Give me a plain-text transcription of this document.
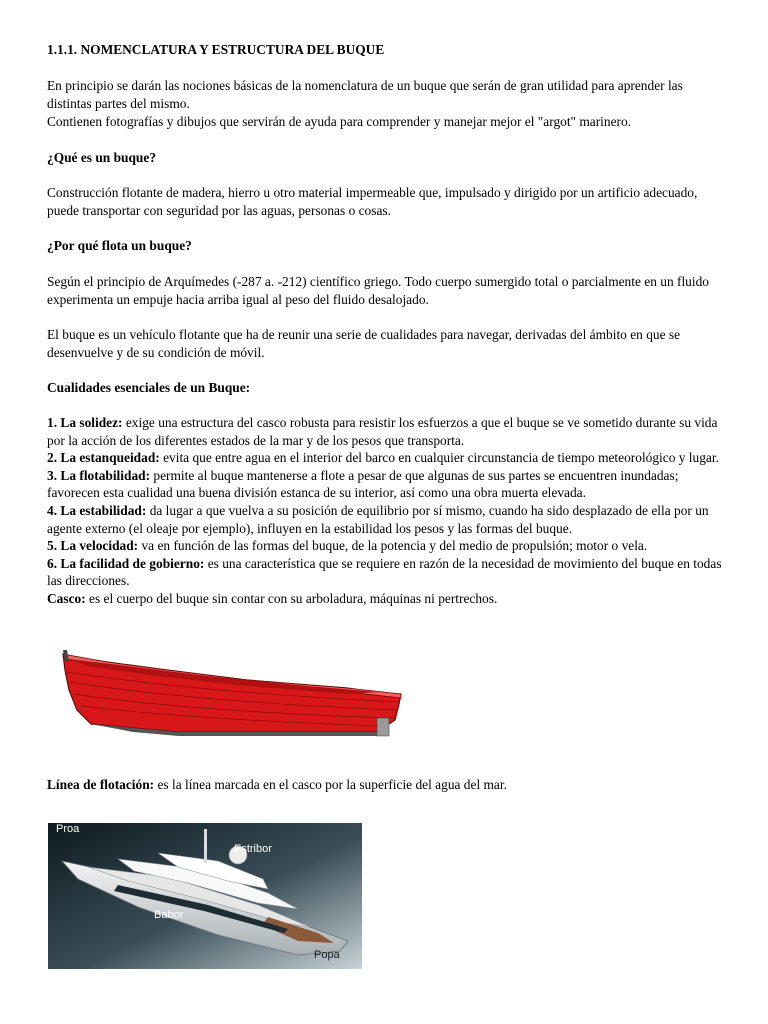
1.1.1. NOMENCLATURA Y ESTRUCTURA DEL BUQUE

En principio se darán las nociones básicas de la nomenclatura de un buque que serán de gran utilidad para aprender las distintas partes del mismo.

Contienen fotografías y dibujos que servirán de ayuda para comprender y manejar mejor el "argot" marinero.

¿Qué es un buque?

Construcción flotante de madera, hierro u otro material impermeable que, impulsado y dirigido por un artificio adecuado, puede transportar con seguridad por las aguas, personas o cosas.

¿Por qué flota un buque?

Según el principio de Arquímedes (-287 a. -212) científico griego. Todo cuerpo sumergido total o parcialmente en un fluido experimenta un empuje hacia arriba igual al peso del fluido desalojado.

El buque es un vehículo flotante que ha de reunir una serie de cualidades para navegar, derivadas del ámbito en que se desenvuelve y de su condición de móvil.

Cualidades esenciales de un Buque:

1. La solidez: exige una estructura del casco robusta para resistir los esfuerzos a que el buque se ve sometido durante su vida por la acción de los diferentes estados de la mar y de los pesos que transporta.

2. La estanqueidad: evita que entre agua en el interior del barco en cualquier circunstancia de tiempo meteorológico y lugar.

3. La flotabilidad: permite al buque mantenerse a flote a pesar de que algunas de sus partes se encuentren inundadas; favorecen esta cualidad una buena división estanca de su interior, así como una obra muerta elevada.

4. La estabilidad: da lugar a que vuelva a su posición de equilibrio por sí mismo, cuando ha sido desplazado de ella por un agente externo (el oleaje por ejemplo), influyen en la estabilidad los pesos y las formas del buque.

5. La velocidad: va en función de las formas del buque, de la potencia y del medio de propulsión; motor o vela.

6. La facilidad de gobierno: es una característica que se requiere en razón de la necesidad de movimiento del buque en todas las direcciones.

Casco: es el cuerpo del buque sin contar con su arboladura, máquinas ni pertrechos.

Línea de flotación: es la línea marcada en el casco por la superficie del agua del mar.

Proa
Estribor
Babor
Popa
